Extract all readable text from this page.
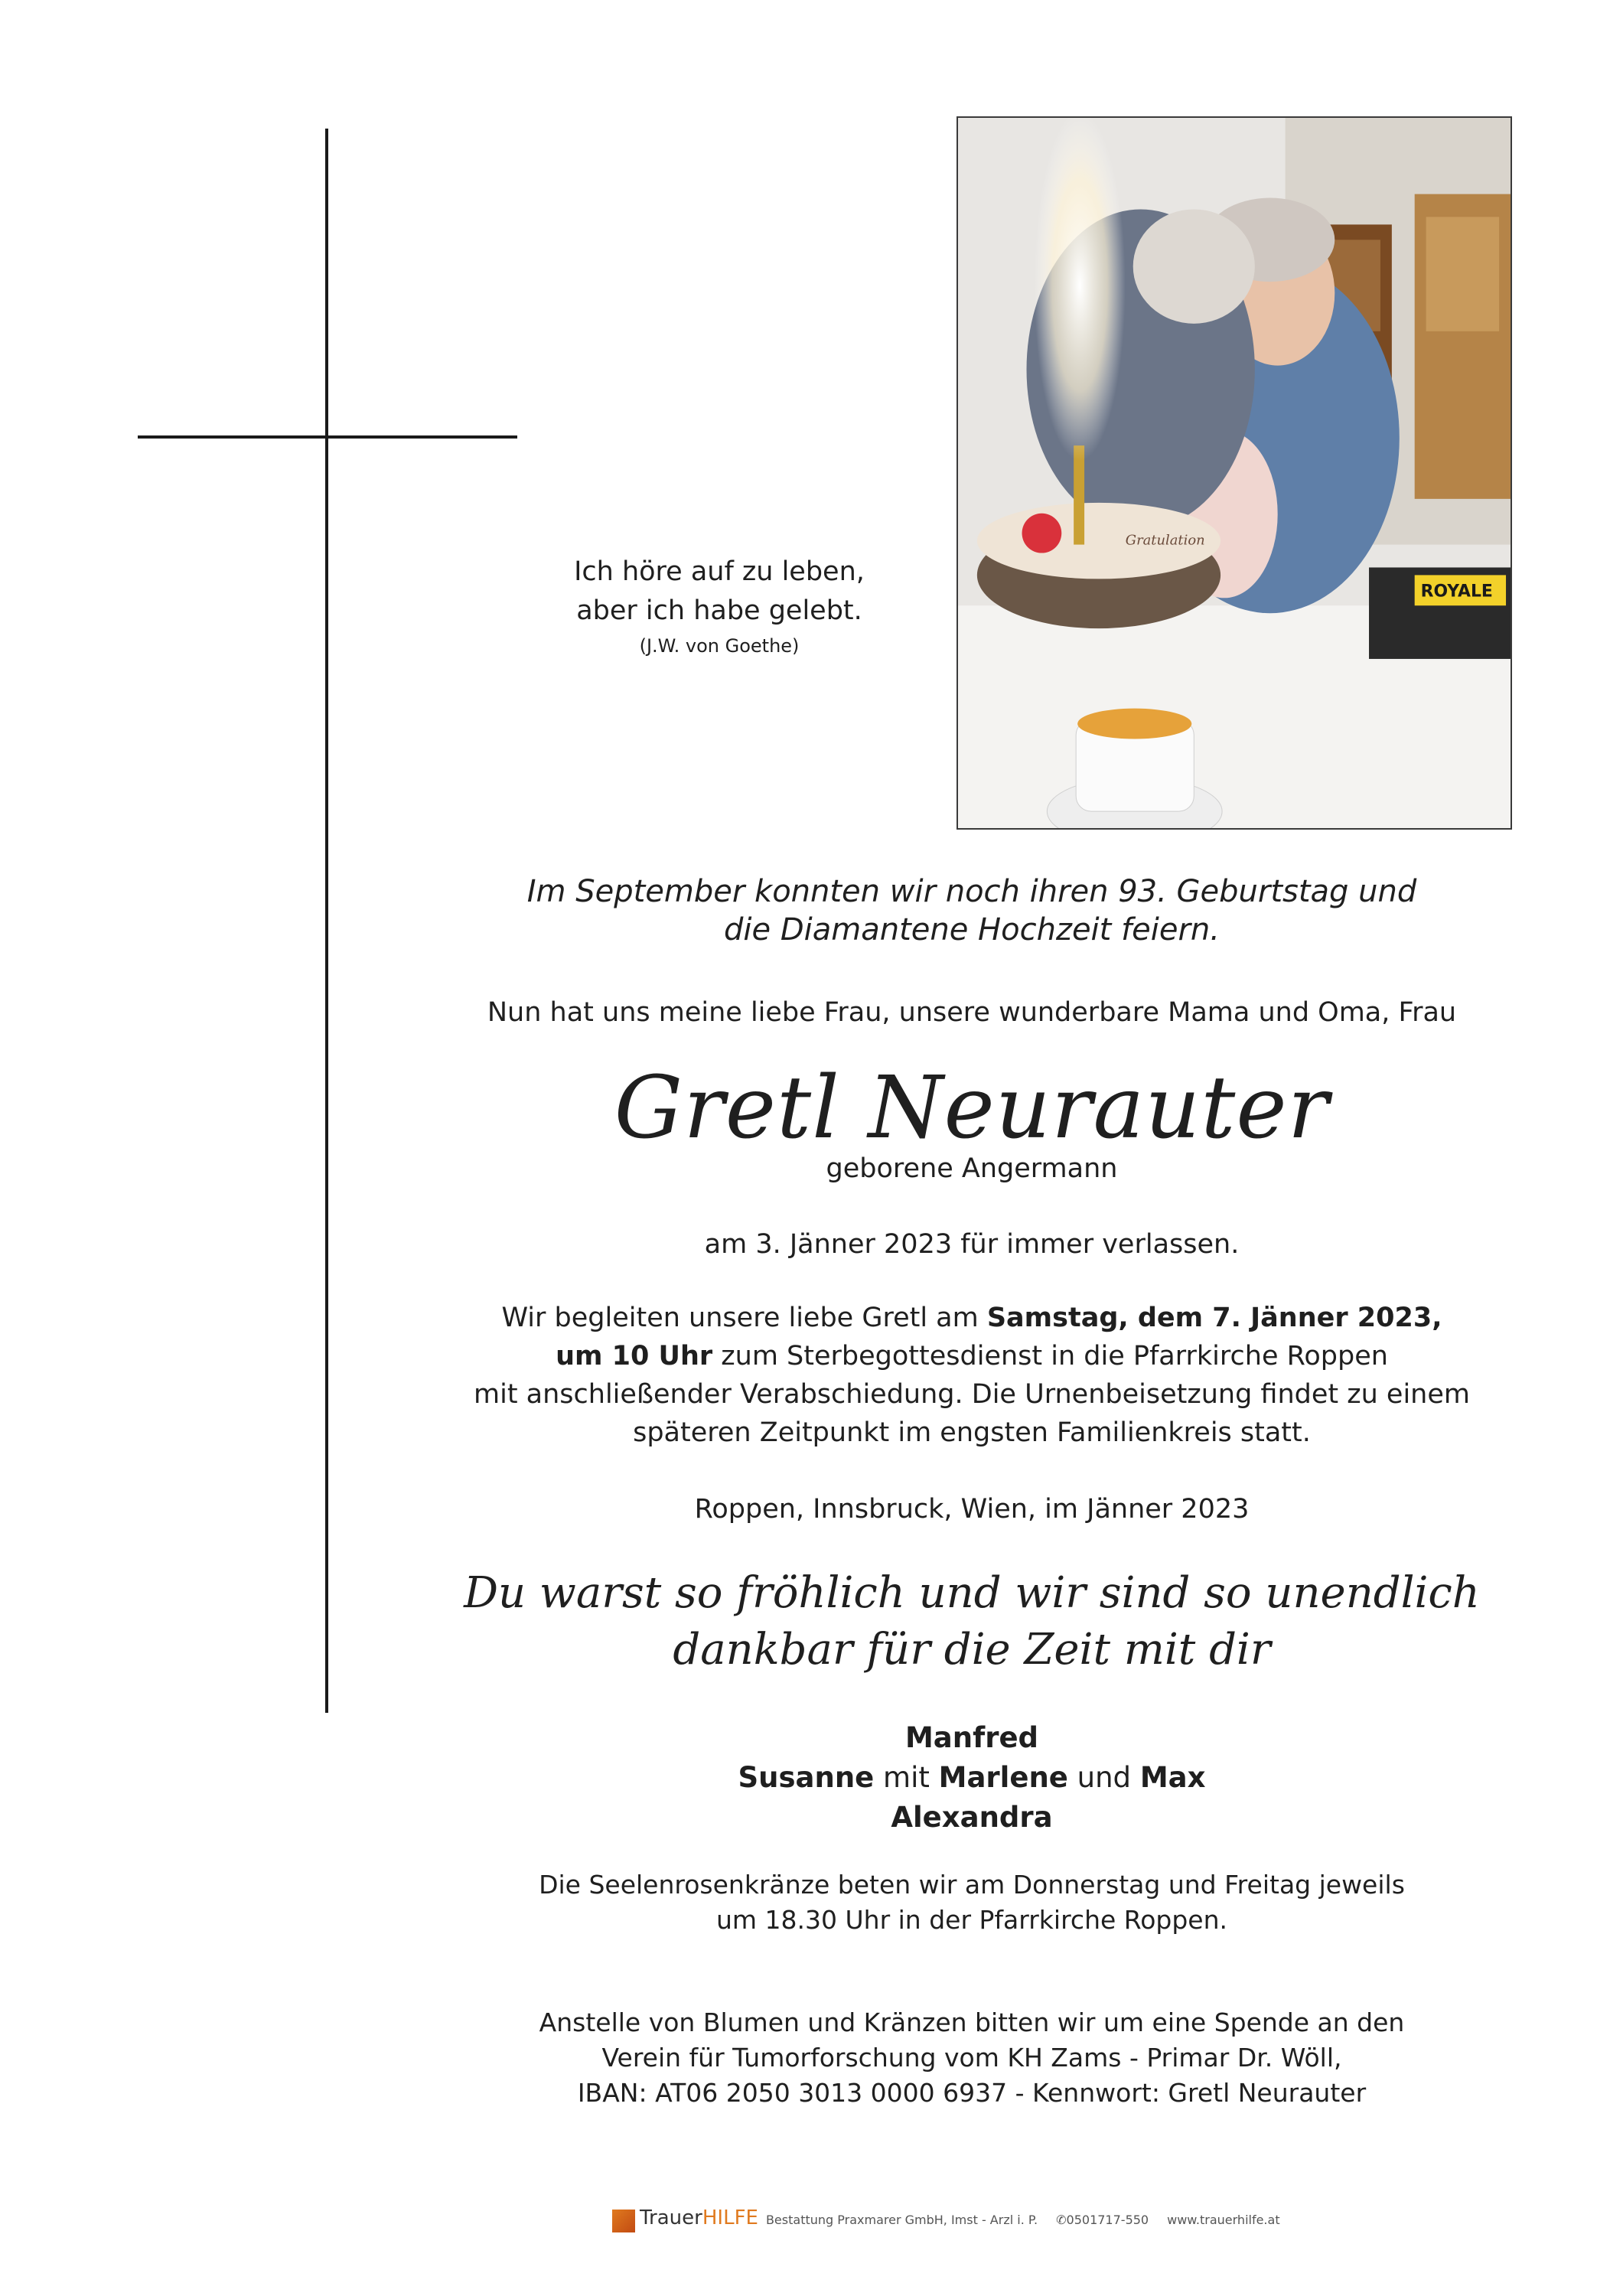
Ich höre auf zu leben,
aber ich habe gelebt.
(J.W. von Goethe)
Gratulation
ROYALE
Im September konnten wir noch ihren 93. Geburtstag und
die Diamantene Hochzeit feiern.
Nun hat uns meine liebe Frau, unsere wunderbare Mama und Oma, Frau
Gretl Neurauter
geborene Angermann
am 3. Jänner 2023 für immer verlassen.
Wir begleiten unsere liebe Gretl am Samstag, dem 7. Jänner 2023,
um 10 Uhr zum Sterbegottesdienst in die Pfarrkirche Roppen
mit anschließender Verabschiedung. Die Urnenbeisetzung findet zu einem
späteren Zeitpunkt im engsten Familienkreis statt.
Roppen, Innsbruck, Wien, im Jänner 2023
Du warst so fröhlich und wir sind so unendlich
dankbar für die Zeit mit dir
Manfred
Susanne mit Marlene und Max
Alexandra
Die Seelenrosenkränze beten wir am Donnerstag und Freitag jeweils
um 18.30 Uhr in der Pfarrkirche Roppen.
Anstelle von Blumen und Kränzen bitten wir um eine Spende an den
Verein für Tumorforschung vom KH Zams - Primar Dr. Wöll,
IBAN: AT06 2050 3013 0000 6937 - Kennwort: Gretl Neurauter
TrauerHILFE Bestattung Praxmarer GmbH, Imst - Arzl i. P. ✆0501717-550 www.trauerhilfe.at
